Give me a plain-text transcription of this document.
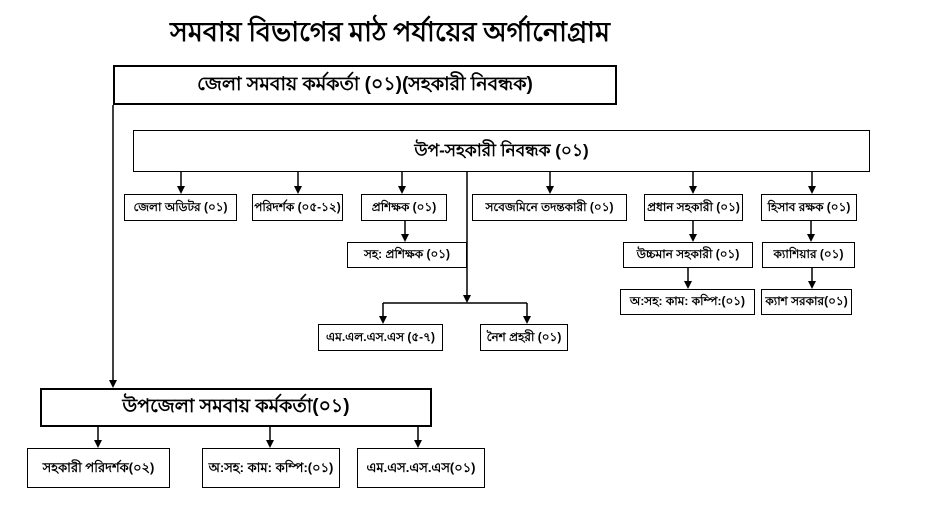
সমবায় বিভাগের মাঠ পর্যায়ের অর্গানোগ্রাম
জেলা সমবায় কর্মকর্তা (০১)(সহকারী নিবন্ধক)
উপ-সহকারী নিবন্ধক (০১)
জেলা অডিটর (০১)	পরিদর্শক (০৫-১২)	প্রশিক্ষক (০১)	সবেজমিনে তদন্তকারী (০১)	প্রধান সহকারী (০১)	হিসাব রক্ষক (০১)
সহ: প্রশিক্ষক (০১)	উচ্চমান সহকারী (০১)	ক্যাশিয়ার (০১)
অ:সহ: কাম: কম্পি:(০১)	ক্যাশ সরকার(০১)
এম.এল.এস.এস (৫-৭)	নৈশ প্রহরী (০১)
উপজেলা সমবায় কর্মকর্তা(০১)
সহকারী পরিদর্শক(০২)	অ:সহ: কাম: কম্পি:(০১)	এম.এস.এস.এস(০১)
